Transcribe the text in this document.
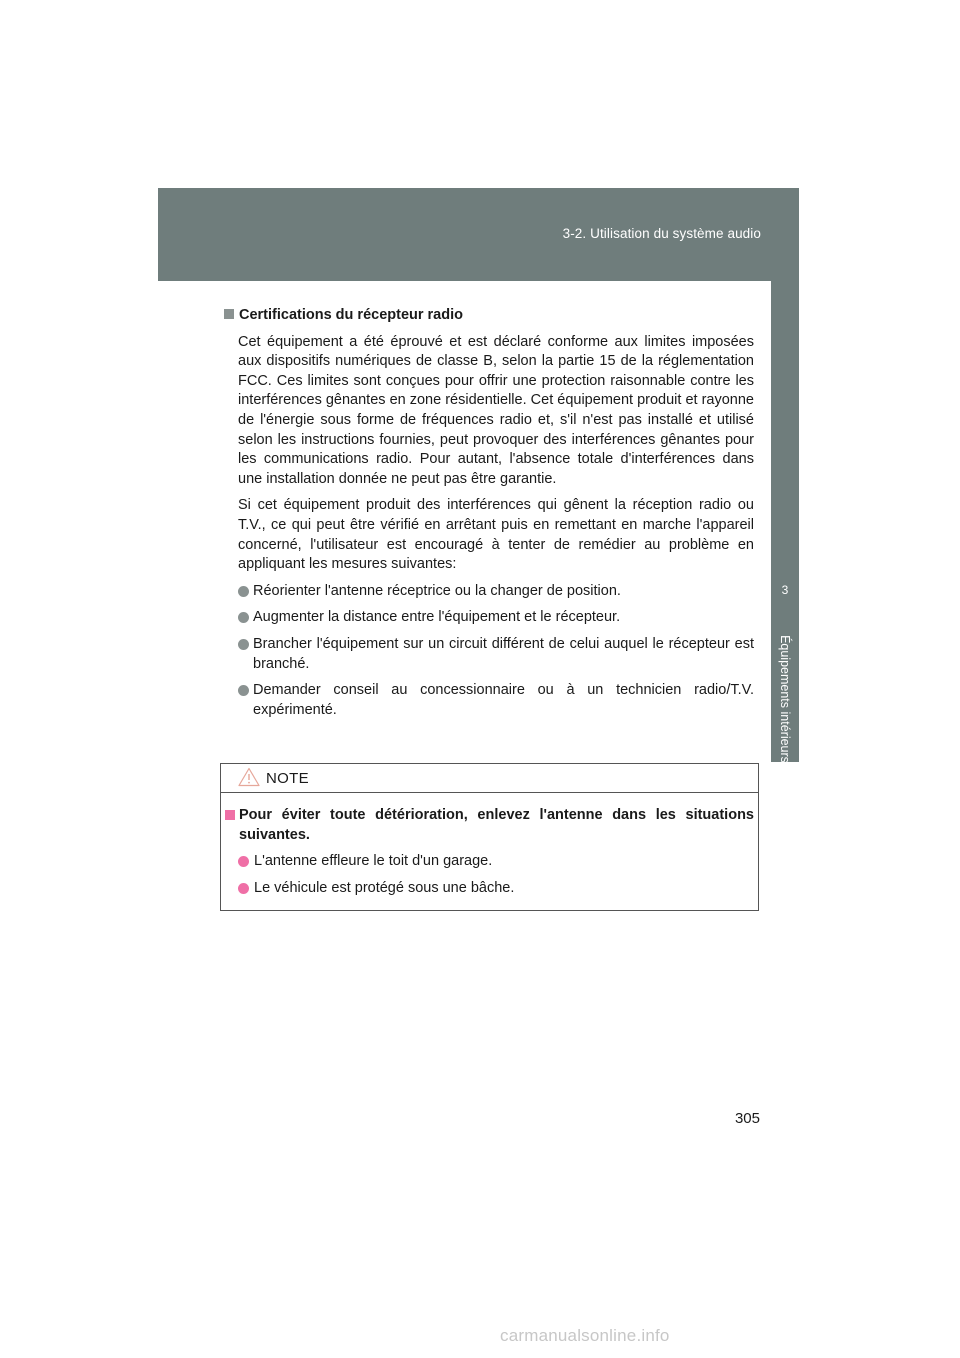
3-2. Utilisation du système audio
3
Équipements intérieurs
Certifications du récepteur radio

Cet équipement a été éprouvé et est déclaré conforme aux limites imposées aux dispositifs numériques de classe B, selon la partie 15 de la réglementation FCC. Ces limites sont conçues pour offrir une protection raisonnable contre les interférences gênantes en zone résidentielle. Cet équipement produit et rayonne de l'énergie sous forme de fréquences radio et, s'il n'est pas installé et utilisé selon les instructions fournies, peut provoquer des interférences gênantes pour les communications radio. Pour autant, l'absence totale d'interférences dans une installation donnée ne peut pas être garantie.

Si cet équipement produit des interférences qui gênent la réception radio ou T.V., ce qui peut être vérifié en arrêtant puis en remettant en marche l'appareil concerné, l'utilisateur est encouragé à tenter de remédier au problème en appliquant les mesures suivantes:

Réorienter l'antenne réceptrice ou la changer de position.
Augmenter la distance entre l'équipement et le récepteur.
Brancher l'équipement sur un circuit différent de celui auquel le récepteur est branché.
Demander conseil au concessionnaire ou à un technicien radio/T.V. expérimenté.
NOTE
Pour éviter toute détérioration, enlevez l'antenne dans les situations suivantes.
L'antenne effleure le toit d'un garage.
Le véhicule est protégé sous une bâche.
305
carmanualsonline.info
